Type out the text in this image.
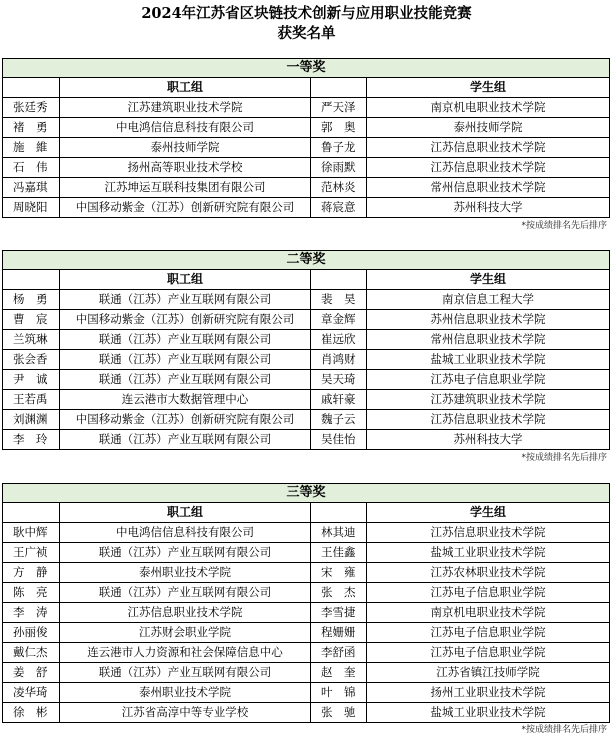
2024年江苏省区块链技术创新与应用职业技能竞赛
获奖名单
一等奖			
	职工组		学生组
张廷秀	江苏建筑职业技术学院	严天泽	南京机电职业技术学院
褚　勇	中电鸿信信息科技有限公司	郭　奥	泰州技师学院
施　維	泰州技师学院	鲁子龙	江苏信息职业技术学院
石　伟	扬州高等职业技术学校	徐雨默	江苏信息职业技术学院
冯嘉琪	江苏坤运互联科技集团有限公司	范林炎	常州信息职业技术学院
周晓阳	中国移动紫金（江苏）创新研究院有限公司	蒋宸意	苏州科技大学
*按成绩排名先后排序
二等奖			
	职工组		学生组
杨　勇	联通（江苏）产业互联网有限公司	裴　昊	南京信息工程大学
曹　宸	中国移动紫金（江苏）创新研究院有限公司	章金辉	苏州信息职业技术学院
兰筑琳	联通（江苏）产业互联网有限公司	崔远欣	常州信息职业技术学院
张会香	联通（江苏）产业互联网有限公司	肖鸿财	盐城工业职业技术学院
尹　诚	联通（江苏）产业互联网有限公司	吴天琦	江苏电子信息职业学院
王若禹	连云港市大数据管理中心	戚轩豪	江苏建筑职业技术学院
刘渊渊	中国移动紫金（江苏）创新研究院有限公司	魏子云	江苏信息职业技术学院
李　玲	联通（江苏）产业互联网有限公司	吴佳怡	苏州科技大学
*按成绩排名先后排序
三等奖			
	职工组		学生组
耿中辉	中电鸿信信息科技有限公司	林其迪	江苏信息职业技术学院
王广祯	联通（江苏）产业互联网有限公司	王佳鑫	盐城工业职业技术学院
方　静	泰州职业技术学院	宋　雍	江苏农林职业技术学院
陈　亮	联通（江苏）产业互联网有限公司	张　杰	江苏电子信息职业学院
李　涛	江苏信息职业技术学院	李雪捷	南京机电职业技术学院
孙丽俊	江苏财会职业学院	程姗姗	江苏电子信息职业学院
戴仁杰	连云港市人力资源和社会保障信息中心	李舒函	江苏电子信息职业学院
姜　舒	联通（江苏）产业互联网有限公司	赵　奎	江苏省镇江技师学院
凌华琦	泰州职业技术学院	叶　锦	扬州工业职业技术学院
徐　彬	江苏省高淳中等专业学校	张　驰	盐城工业职业技术学院
*按成绩排名先后排序
